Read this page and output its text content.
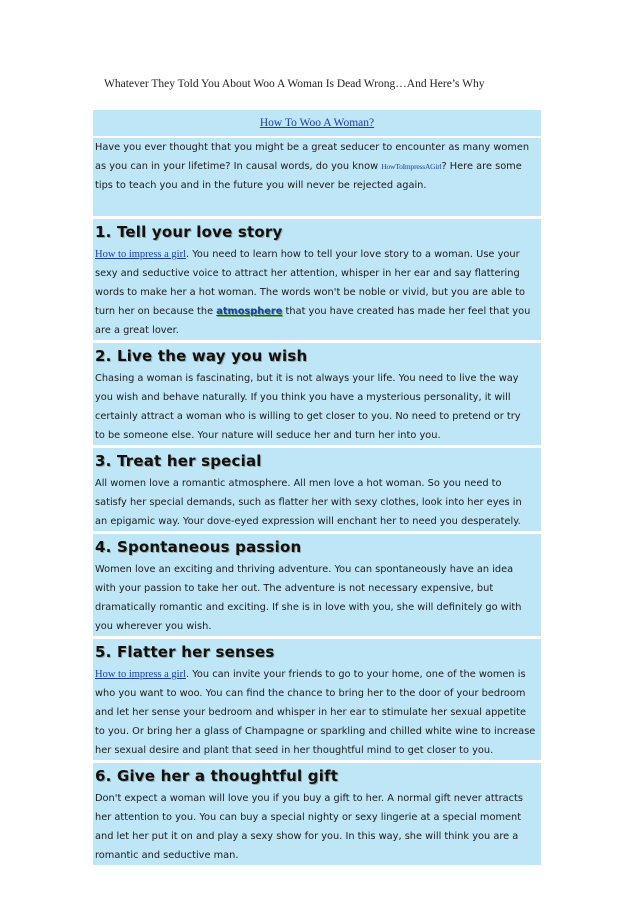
Whatever They Told You About Woo A Woman Is Dead Wrong…And Here’s Why
How To Woo A Woman?
Have you ever thought that you might be a great seducer to encounter as many women
as you can in your lifetime? In causal words, do you know HowToImpressAGirl? Here are some
tips to teach you and in the future you will never be rejected again.
1. Tell your love story
How to impress a girl. You need to learn how to tell your love story to a woman. Use your
sexy and seductive voice to attract her attention, whisper in her ear and say flattering
words to make her a hot woman. The words won't be noble or vivid, but you are able to
turn her on because the atmosphere that you have created has made her feel that you
are a great lover.
2. Live the way you wish
Chasing a woman is fascinating, but it is not always your life. You need to live the way
you wish and behave naturally. If you think you have a mysterious personality, it will
certainly attract a woman who is willing to get closer to you. No need to pretend or try
to be someone else. Your nature will seduce her and turn her into you.
3. Treat her special
All women love a romantic atmosphere. All men love a hot woman. So you need to
satisfy her special demands, such as flatter her with sexy clothes, look into her eyes in
an epigamic way. Your dove-eyed expression will enchant her to need you desperately.
4. Spontaneous passion
Women love an exciting and thriving adventure. You can spontaneously have an idea
with your passion to take her out. The adventure is not necessary expensive, but
dramatically romantic and exciting. If she is in love with you, she will definitely go with
you wherever you wish.
5. Flatter her senses
How to impress a girl. You can invite your friends to go to your home, one of the women is
who you want to woo. You can find the chance to bring her to the door of your bedroom
and let her sense your bedroom and whisper in her ear to stimulate her sexual appetite
to you. Or bring her a glass of Champagne or sparkling and chilled white wine to increase
her sexual desire and plant that seed in her thoughtful mind to get closer to you.
6. Give her a thoughtful gift
Don't expect a woman will love you if you buy a gift to her. A normal gift never attracts
her attention to you. You can buy a special nighty or sexy lingerie at a special moment
and let her put it on and play a sexy show for you. In this way, she will think you are a
romantic and seductive man.
